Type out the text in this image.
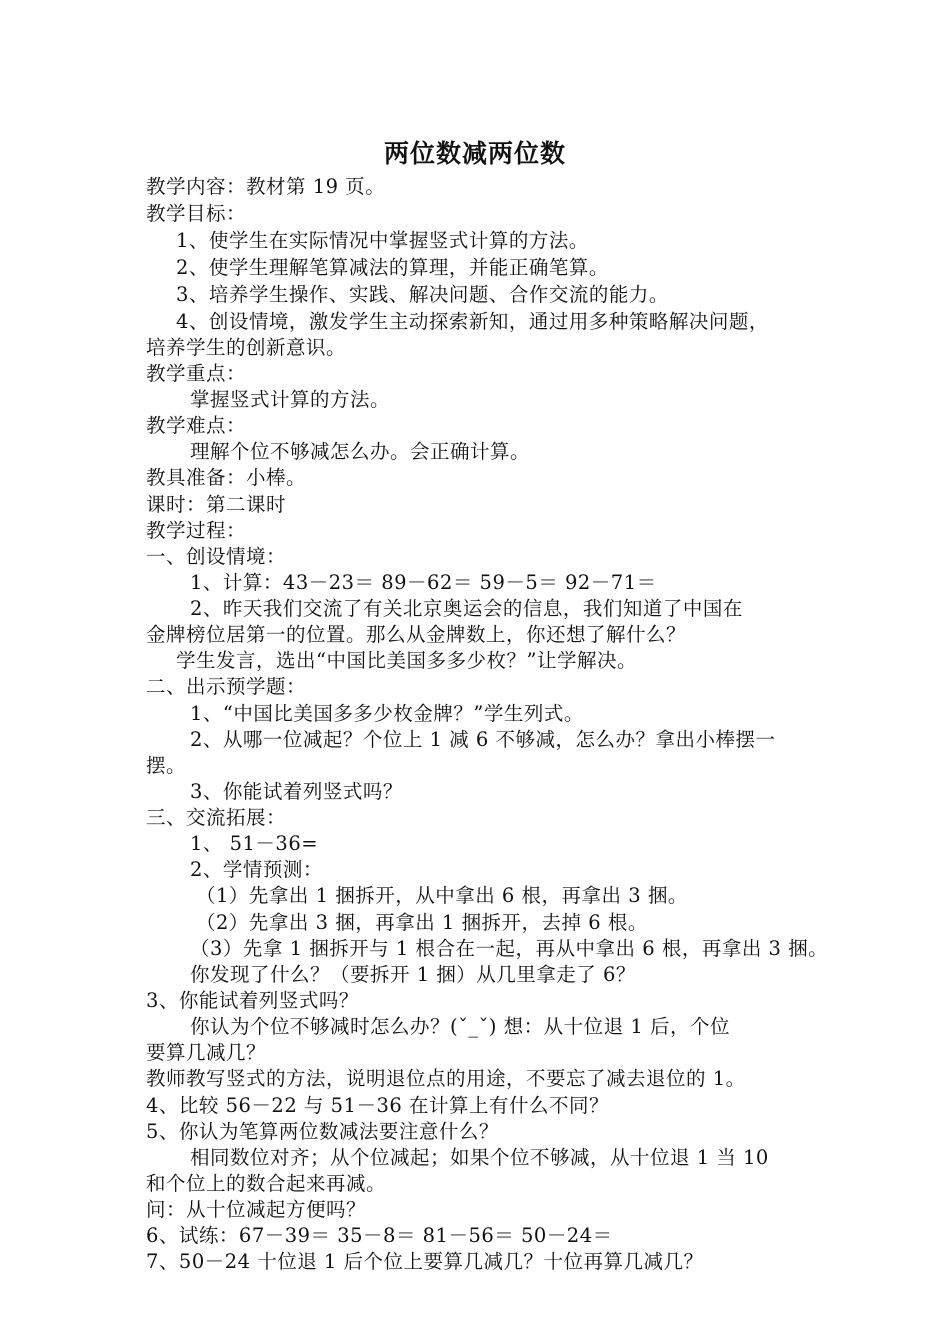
两位数减两位数
教学内容：教材第 19 页。
教学目标：
1、使学生在实际情况中掌握竖式计算的方法。
2、使学生理解笔算减法的算理，并能正确笔算。
3、培养学生操作、实践、解决问题、合作交流的能力。
4、创设情境，激发学生主动探索新知，通过用多种策略解决问题，
培养学生的创新意识。
教学重点：
掌握竖式计算的方法。
教学难点：
理解个位不够减怎么办。会正确计算。
教具准备：小棒。
课时：第二课时
教学过程：
一、创设情境：
1、计算：43－23＝ 89－62＝ 59－5＝ 92－71＝
2、昨天我们交流了有关北京奥运会的信息，我们知道了中国在
金牌榜位居第一的位置。那么从金牌数上，你还想了解什么？
学生发言，选出“中国比美国多多少枚？”让学解决。
二、出示预学题：
1、“中国比美国多多少枚金牌？”学生列式。
2、从哪一位减起？个位上 1 减 6 不够减，怎么办？拿出小棒摆一
摆。
3、你能试着列竖式吗？
三、交流拓展：
1、 51－36=
2、学情预测：
（1）先拿出 1 捆拆开，从中拿出 6 根，再拿出 3 捆。
（2）先拿出 3 捆，再拿出 1 捆拆开，去掉 6 根。
（3）先拿 1 捆拆开与 1 根合在一起，再从中拿出 6 根，再拿出 3 捆。
你发现了什么？（要拆开 1 捆）从几里拿走了 6？
3、你能试着列竖式吗？
你认为个位不够减时怎么办？(ˇ_ˇ) 想：从十位退 1 后，个位
要算几减几？
教师教写竖式的方法，说明退位点的用途，不要忘了减去退位的 1。
4、比较 56－22 与 51－36 在计算上有什么不同？
5、你认为笔算两位数减法要注意什么？
相同数位对齐；从个位减起；如果个位不够减，从十位退 1 当 10
和个位上的数合起来再减。
问：从十位减起方便吗？
6、试练：67－39＝ 35－8＝ 81－56＝ 50－24＝
7、50－24 十位退 1 后个位上要算几减几？十位再算几减几？
